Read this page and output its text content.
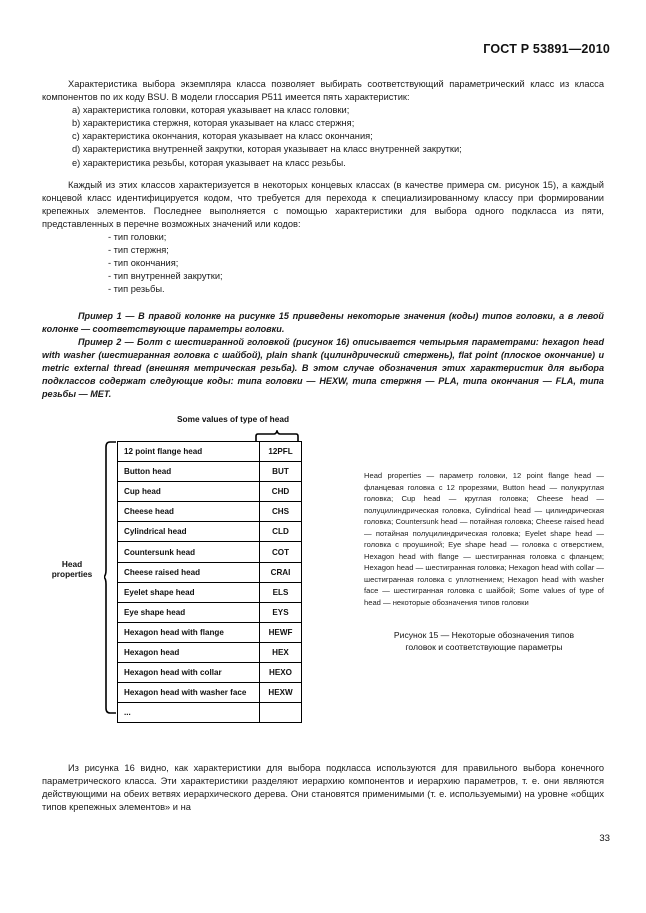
ГОСТ Р 53891—2010

Характеристика выбора экземпляра класса позволяет выбирать соответствующий параметрический класс из класса компонентов по их коду BSU. В модели глоссария P511 имеется пять характеристик:

a) характеристика головки, которая указывает на класс головки;

b) характеристика стержня, которая указывает на класс стержня;

c) характеристика окончания, которая указывает на класс окончания;

d) характеристика внутренней закрутки, которая указывает на класс внутренней закрутки;

e) характеристика резьбы, которая указывает на класс резьбы.

Каждый из этих классов характеризуется в некоторых концевых классах (в качестве примера см. рисунок 15), а каждый концевой класс идентифицируется кодом, что требуется для перехода к специализированному классу при формировании крепежных элементов. Последнее выполняется с помощью характеристики для выбора одного подкласса из пяти, представленных в перечне возможных значений или кодов:

- тип головки;

- тип стержня;

- тип окончания;

- тип внутренней закрутки;

- тип резьбы.

Пример 1 — В правой колонке на рисунке 15 приведены некоторые значения (коды) типов головки, а в левой колонке — соответствующие параметры головки.

Пример 2 — Болт с шестигранной головкой (рисунок 16) описывается четырьмя параметрами: hexagon head with washer (шестигранная головка с шайбой), plain shank (цилиндрический стержень), flat point (плоское окончание) и metric external thread (внешняя метрическая резьба). В этом случае обозначения этих характеристик для выбора подклассов содержат следующие коды: типа головки — HEXW, типа стержня — PLA, типа окончания — FLA, типа резьбы — MET.

Some values of type of head
Head
properties
12 point flange head	12PFL
Button head	BUT
Cup head	CHD
Cheese head	CHS
Cylindrical head	CLD
Countersunk head	COT
Cheese raised head	CRAI
Eyelet shape head	ELS
Eye shape head	EYS
Hexagon head with flange	HEWF
Hexagon head	HEX
Hexagon head with collar	HEXO
Hexagon head with washer face	HEXW
...	

Head properties — параметр головки, 12 point flange head — фланцевая головка с 12 прорезями, Button head — полукруглая головка; Cup head — круглая головка; Cheese head — полуцилиндрическая головка, Cylindrical head — цилиндрическая головка; Countersunk head — потайная головка; Cheese raised head — потайная полуцилиндрическая головка; Eyelet shape head — головка с проушиной; Eye shape head — головка с отверстием, Hexagon head with flange — шестигранная головка с фланцем; Hexagon head — шестигранная головка; Hexagon head with collar — шестигранная головка с уплотнением; Hexagon head with washer face — шестигранная головка с шайбой; Some values of type of head — некоторые обозначения типов головки

Рисунок 15 — Некоторые обозначения типов

головок и соответствующие параметры

Из рисунка 16 видно, как характеристики для выбора подкласса используются для правильного выбора конечного параметрического класса. Эти характеристики разделяют иерархию компонентов и иерархию параметров, т. е. они являются действующими на обеих ветвях иерархического дерева. Они становятся применимыми (т. е. используемыми) на уровне «общих типов крепежных элементов» и на

33
